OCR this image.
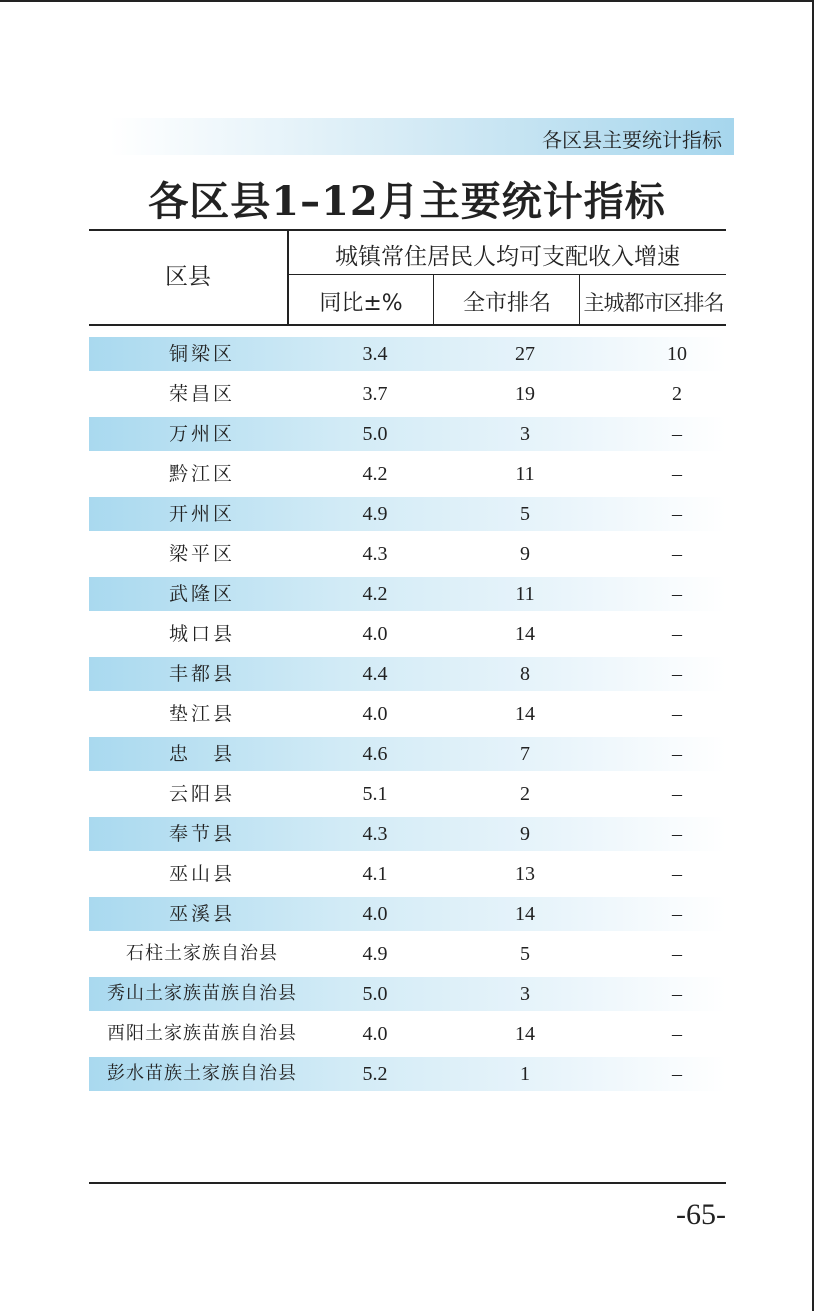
各区县主要统计指标
各区县1–12月主要统计指标
区县
城镇常住居民人均可支配收入增速
同比±%	全市排名	主城都市区排名
铜梁区	3.4	27	10
荣昌区	3.7	19	2
万州区	5.0	3	–
黔江区	4.2	11	–
开州区	4.9	5	–
梁平区	4.3	9	–
武隆区	4.2	11	–
城口县	4.0	14	–
丰都县	4.4	8	–
垫江县	4.0	14	–
忠　县	4.6	7	–
云阳县	5.1	2	–
奉节县	4.3	9	–
巫山县	4.1	13	–
巫溪县	4.0	14	–
石柱土家族自治县	4.9	5	–
秀山土家族苗族自治县	5.0	3	–
酉阳土家族苗族自治县	4.0	14	–
彭水苗族土家族自治县	5.2	1	–
-65-
